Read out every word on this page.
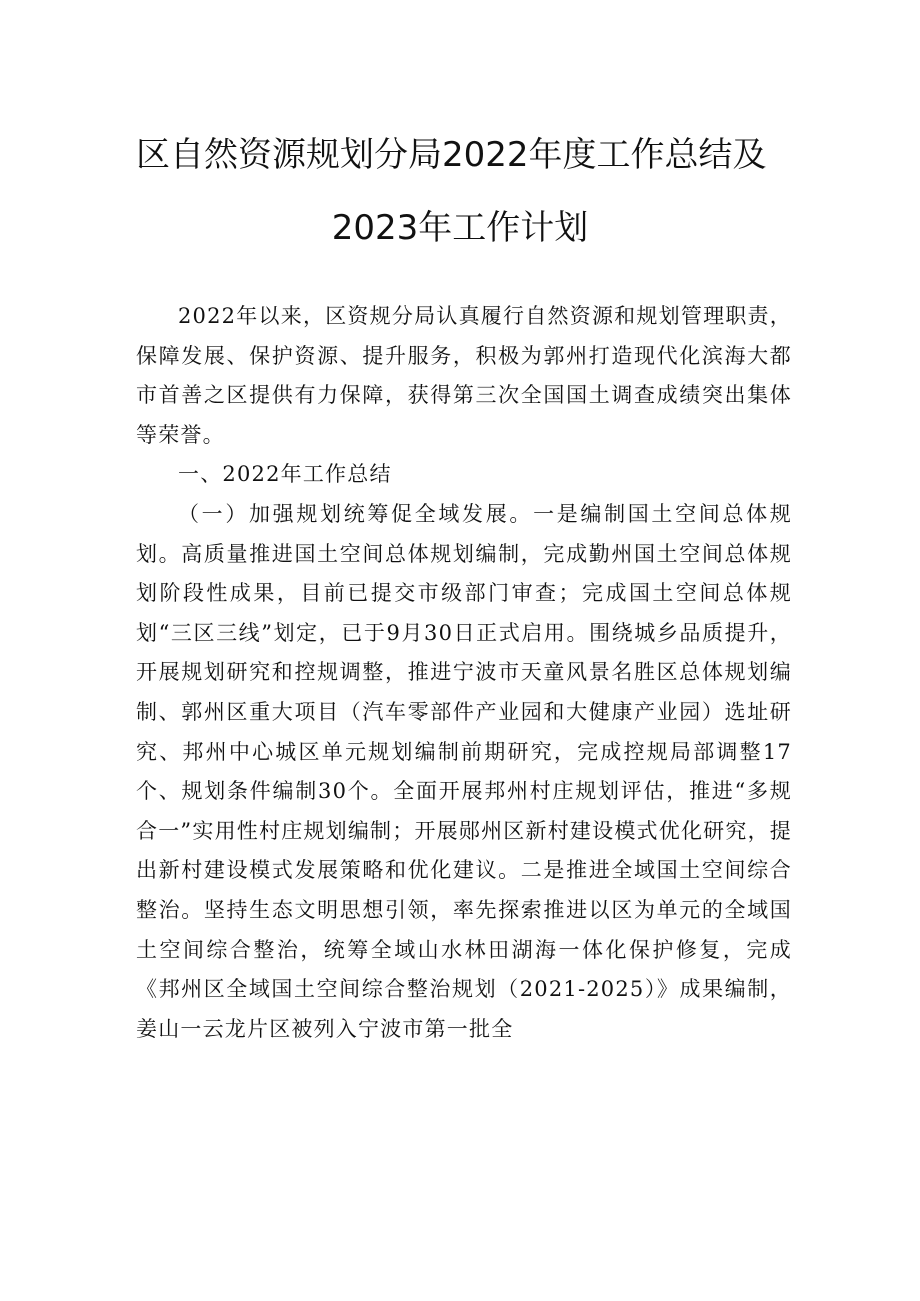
区自然资源规划分局2022年度工作总结及
2023年工作计划

2022年以来，区资规分局认真履行自然资源和规划管理职责，保障发展、保护资源、提升服务，积极为郭州打造现代化滨海大都市首善之区提供有力保障，获得第三次全国国土调查成绩突出集体等荣誉。

一、2022年工作总结

（一）加强规划统筹促全域发展。一是编制国土空间总体规划。高质量推进国土空间总体规划编制，完成勤州国土空间总体规划阶段性成果，目前已提交市级部门审查；完成国土空间总体规划“三区三线”划定，已于9月30日正式启用。围绕城乡品质提升，开展规划研究和控规调整，推进宁波市天童风景名胜区总体规划编制、郭州区重大项目（汽车零部件产业园和大健康产业园）选址研究、邦州中心城区单元规划编制前期研究，完成控规局部调整17个、规划条件编制30个。全面开展邦州村庄规划评估，推进“多规合一”实用性村庄规划编制；开展郧州区新村建设模式优化研究，提出新村建设模式发展策略和优化建议。二是推进全域国土空间综合整治。坚持生态文明思想引领，率先探索推进以区为单元的全域国土空间综合整治，统筹全域山水林田湖海一体化保护修复，完成《邦州区全域国土空间综合整治规划（2021-2025）》成果编制，姜山一云龙片区被列入宁波市第一批全
